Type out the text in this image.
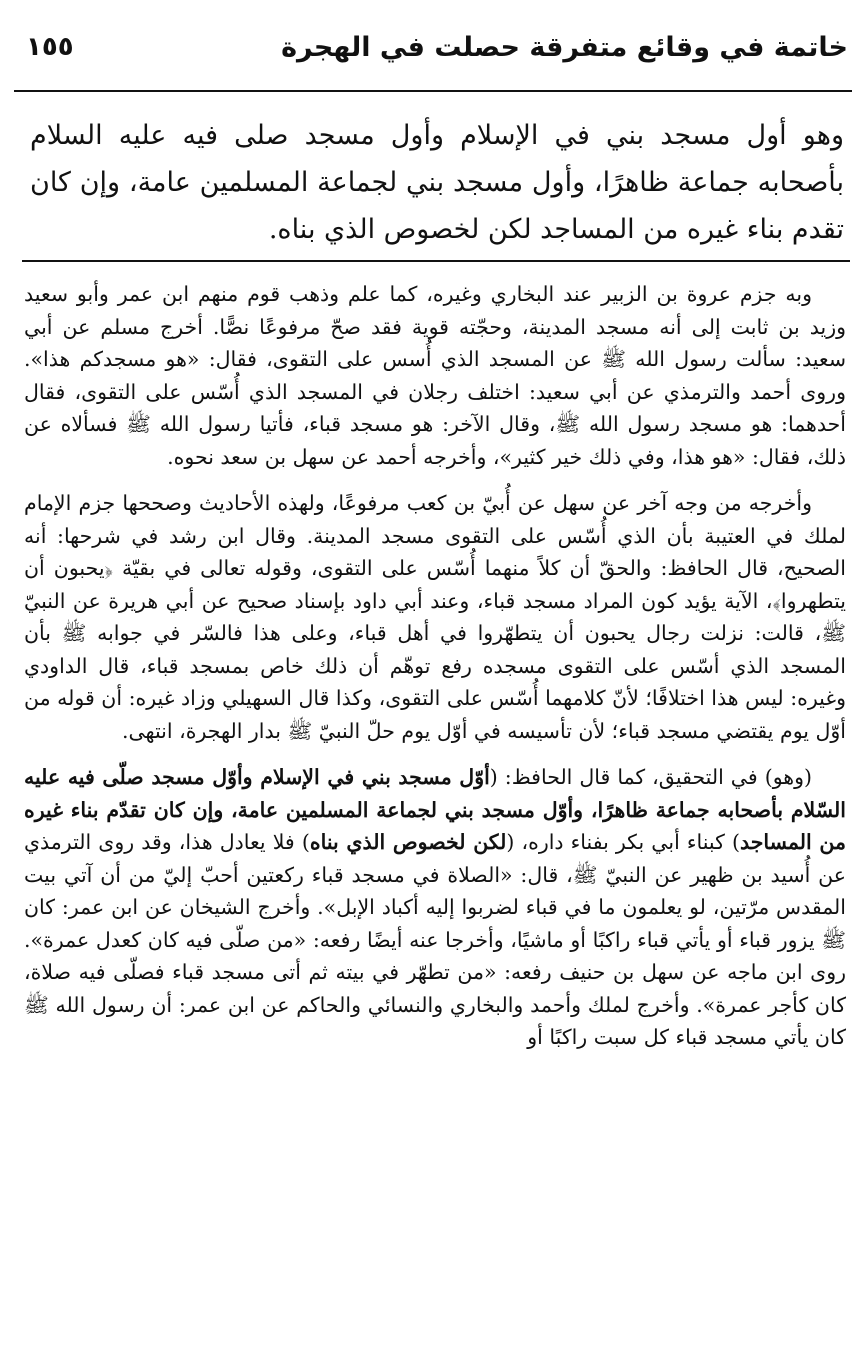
خاتمة في وقائع متفرقة حصلت في الهجرة
١٥٥
وهو أول مسجد بني في الإسلام وأول مسجد صلى فيه عليه السلام بأصحابه جماعة ظاهرًا، وأول مسجد بني لجماعة المسلمين عامة، وإن كان تقدم بناء غيره من المساجد لكن لخصوص الذي بناه.

وبه جزم عروة بن الزبير عند البخاري وغيره، كما علم وذهب قوم منهم ابن عمر وأبو سعيد وزيد بن ثابت إلى أنه مسجد المدينة، وحجّته قوية فقد صحّ مرفوعًا نصًّا. أخرج مسلم عن أبي سعيد: سألت رسول الله ﷺ عن المسجد الذي أُسس على التقوى، فقال: «هو مسجدكم هذا». وروى أحمد والترمذي عن أبي سعيد: اختلف رجلان في المسجد الذي أُسّس على التقوى، فقال أحدهما: هو مسجد رسول الله ﷺ، وقال الآخر: هو مسجد قباء، فأتيا رسول الله ﷺ فسألاه عن ذلك، فقال: «هو هذا، وفي ذلك خير كثير»، وأخرجه أحمد عن سهل بن سعد نحوه.

وأخرجه من وجه آخر عن سهل عن أُبيّ بن كعب مرفوعًا، ولهذه الأحاديث وصححها جزم الإمام لملك في العتيبة بأن الذي أُسّس على التقوى مسجد المدينة. وقال ابن رشد في شرحها: أنه الصحيح، قال الحافظ: والحقّ أن كلاً منهما أُسّس على التقوى، وقوله تعالى في بقيّة ﴿يحبون أن يتطهروا﴾، الآية يؤيد كون المراد مسجد قباء، وعند أبي داود بإسناد صحيح عن أبي هريرة عن النبيّ ﷺ، قالت: نزلت رجال يحبون أن يتطهّروا في أهل قباء، وعلى هذا فالسّر في جوابه ﷺ بأن المسجد الذي أسّس على التقوى مسجده رفع توهّم أن ذلك خاص بمسجد قباء، قال الداودي وغيره: ليس هذا اختلافًا؛ لأنّ كلامهما أُسّس على التقوى، وكذا قال السهيلي وزاد غيره: أن قوله من أوّل يوم يقتضي مسجد قباء؛ لأن تأسيسه في أوّل يوم حلّ النبيّ ﷺ بدار الهجرة، انتهى.

(وهو) في التحقيق، كما قال الحافظ: (أوّل مسجد بني في الإسلام وأوّل مسجد صلّى فيه عليه السّلام بأصحابه جماعة ظاهرًا، وأوّل مسجد بني لجماعة المسلمين عامة، وإن كان تقدّم بناء غيره من المساجد) كبناء أبي بكر بفناء داره، (لكن لخصوص الذي بناه) فلا يعادل هذا، وقد روى الترمذي عن أُسيد بن ظهير عن النبيّ ﷺ، قال: «الصلاة في مسجد قباء ركعتين أحبّ إليّ من أن آتي بيت المقدس مرّتين، لو يعلمون ما في قباء لضربوا إليه أكباد الإبل». وأخرج الشيخان عن ابن عمر: كان ﷺ يزور قباء أو يأتي قباء راكبًا أو ماشيًا، وأخرجا عنه أيضًا رفعه: «من صلّى فيه كان كعدل عمرة». روى ابن ماجه عن سهل بن حنيف رفعه: «من تطهّر في بيته ثم أتى مسجد قباء فصلّى فيه صلاة، كان كأجر عمرة». وأخرج لملك وأحمد والبخاري والنسائي والحاكم عن ابن عمر: أن رسول الله ﷺ كان يأتي مسجد قباء كل سبت راكبًا أو
